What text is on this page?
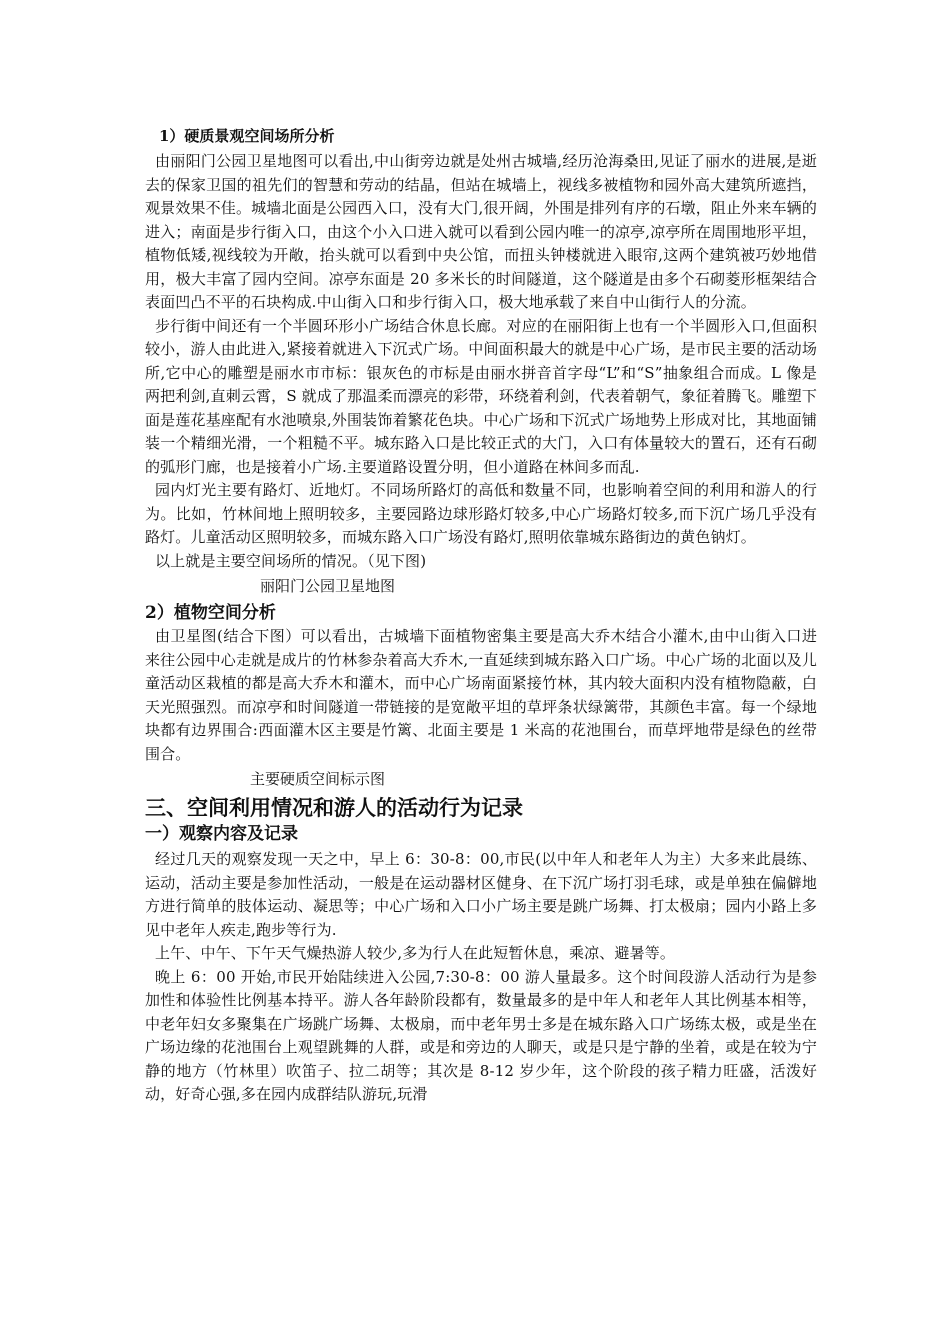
1）硬质景观空间场所分析

由丽阳门公园卫星地图可以看出,中山街旁边就是处州古城墙,经历沧海桑田,见证了丽水的进展,是逝去的保家卫国的祖先们的智慧和劳动的结晶，但站在城墙上，视线多被植物和园外高大建筑所遮挡，观景效果不佳。城墙北面是公园西入口，没有大门,很开阔，外围是排列有序的石墩，阻止外来车辆的进入；南面是步行街入口，由这个小入口进入就可以看到公园内唯一的凉亭,凉亭所在周围地形平坦，植物低矮,视线较为开敞，抬头就可以看到中央公馆，而扭头钟楼就进入眼帘,这两个建筑被巧妙地借用，极大丰富了园内空间。凉亭东面是 20 多米长的时间隧道，这个隧道是由多个石砌菱形框架结合表面凹凸不平的石块构成.中山街入口和步行街入口，极大地承载了来自中山街行人的分流。

步行街中间还有一个半圆环形小广场结合休息长廊。对应的在丽阳街上也有一个半圆形入口,但面积较小，游人由此进入,紧接着就进入下沉式广场。中间面积最大的就是中心广场，是市民主要的活动场所,它中心的雕塑是丽水市市标：银灰色的市标是由丽水拼音首字母“L”和“S”抽象组合而成。L 像是两把利剑,直刺云霄，S 就成了那温柔而漂亮的彩带，环绕着利剑，代表着朝气，象征着腾飞。雕塑下面是莲花基座配有水池喷泉,外围装饰着繁花色块。中心广场和下沉式广场地势上形成对比，其地面铺装一个精细光滑，一个粗糙不平。城东路入口是比较正式的大门，入口有体量较大的置石，还有石砌的弧形门廊，也是接着小广场.主要道路设置分明，但小道路在林间多而乱.

园内灯光主要有路灯、近地灯。不同场所路灯的高低和数量不同，也影响着空间的利用和游人的行为。比如，竹林间地上照明较多，主要园路边球形路灯较多,中心广场路灯较多,而下沉广场几乎没有路灯。儿童活动区照明较多，而城东路入口广场没有路灯,照明依靠城东路街边的黄色钠灯。

以上就是主要空间场所的情况。（见下图)

丽阳门公园卫星地图

2）植物空间分析

由卫星图(结合下图）可以看出，古城墙下面植物密集主要是高大乔木结合小灌木,由中山街入口进来往公园中心走就是成片的竹林参杂着高大乔木,一直延续到城东路入口广场。中心广场的北面以及儿童活动区栽植的都是高大乔木和灌木，而中心广场南面紧接竹林，其内较大面积内没有植物隐蔽，白天光照强烈。而凉亭和时间隧道一带链接的是宽敞平坦的草坪条状绿篱带，其颜色丰富。每一个绿地块都有边界围合:西面灌木区主要是竹篱、北面主要是 1 米高的花池围台，而草坪地带是绿色的丝带围合。

主要硬质空间标示图

三、空间利用情况和游人的活动行为记录
一）观察内容及记录

经过几天的观察发现一天之中，早上 6：30-8：00,市民(以中年人和老年人为主）大多来此晨练、运动，活动主要是参加性活动，一般是在运动器材区健身、在下沉广场打羽毛球，或是单独在偏僻地方进行简单的肢体运动、凝思等；中心广场和入口小广场主要是跳广场舞、打太极扇；园内小路上多见中老年人疾走,跑步等行为.

上午、中午、下午天气燥热游人较少,多为行人在此短暂休息，乘凉、避暑等。

晚上 6：00 开始,市民开始陆续进入公园,7:30-8：00 游人量最多。这个时间段游人活动行为是参加性和体验性比例基本持平。游人各年龄阶段都有，数量最多的是中年人和老年人其比例基本相等，中老年妇女多聚集在广场跳广场舞、太极扇，而中老年男士多是在城东路入口广场练太极，或是坐在广场边缘的花池围台上观望跳舞的人群，或是和旁边的人聊天，或是只是宁静的坐着，或是在较为宁静的地方（竹林里）吹笛子、拉二胡等；其次是 8-12 岁少年，这个阶段的孩子精力旺盛，活泼好动，好奇心强,多在园内成群结队游玩,玩滑
